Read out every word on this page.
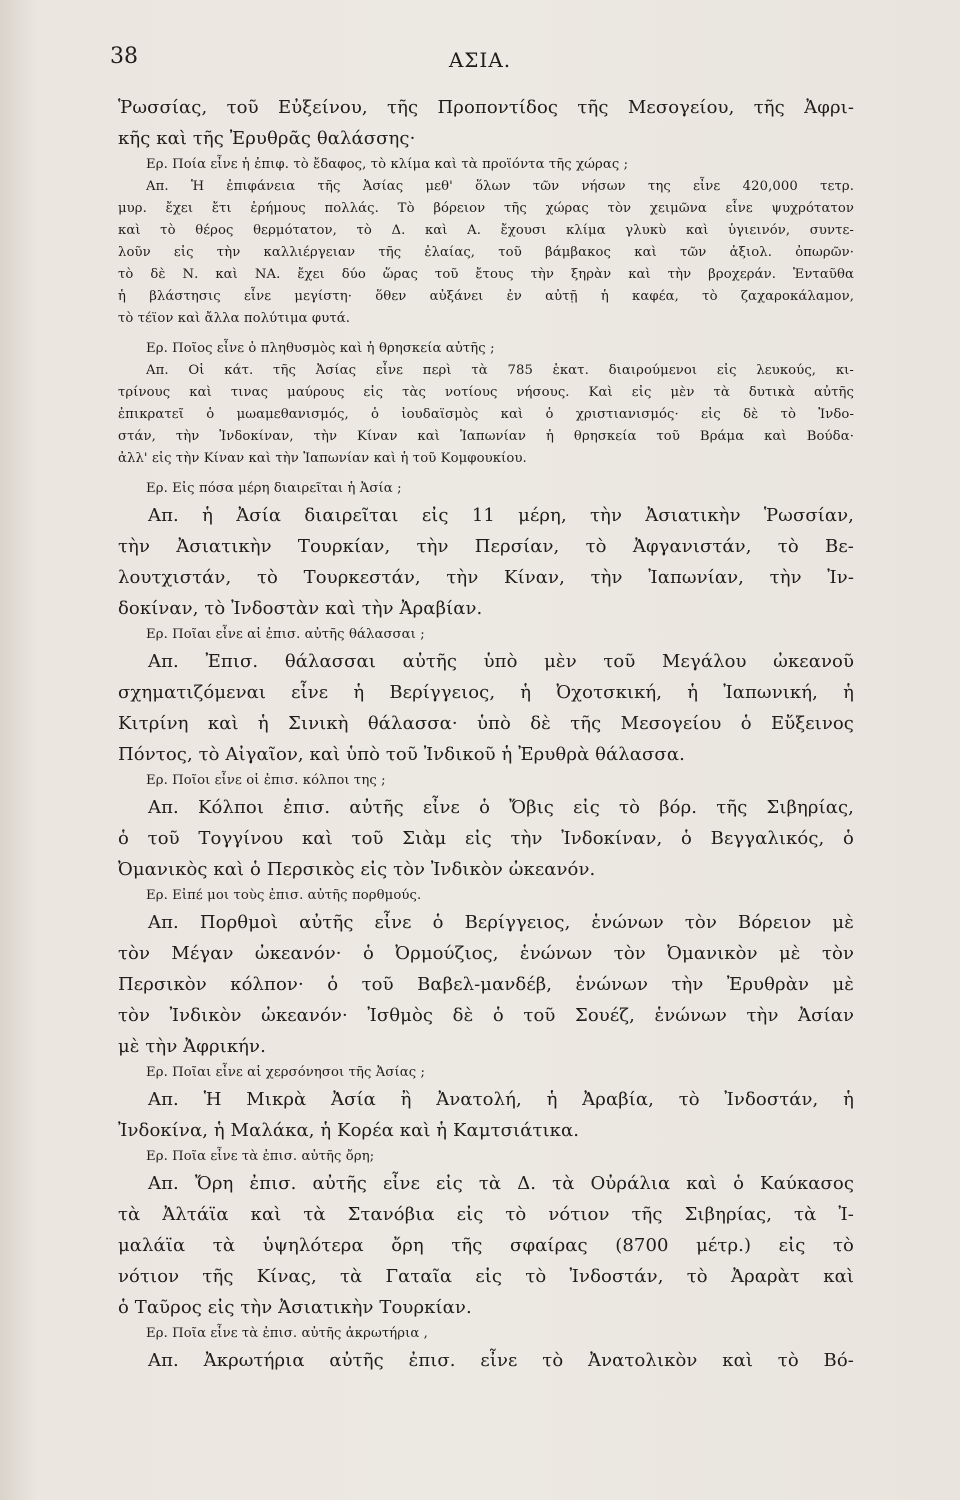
38	ΑΣΙΑ.
Ῥωσσίας, τοῦ Εὐξείνου, τῆς Προποντίδος τῆς Μεσογείου, τῆς Ἀφρι-
κῆς καὶ τῆς Ἐρυθρᾶς θαλάσσης·
Ερ. Ποία εἶνε ἡ ἐπιφ. τὸ ἔδαφος, τὸ κλίμα καὶ τὰ προϊόντα τῆς χώρας ;
Απ. Ἡ ἐπιφάνεια τῆς Ἀσίας μεθ' ὅλων τῶν νήσων της εἶνε 420,000 τετρ.
μυρ. ἔχει ἔτι ἐρήμους πολλάς. Τὸ βόρειον τῆς χώρας τὸν χειμῶνα εἶνε ψυχρότατον
καὶ τὸ θέρος θερμότατον, τὸ Δ. καὶ Α. ἔχουσι κλίμα γλυκὺ καὶ ὑγιεινόν, συντε-
λοῦν εἰς τὴν καλλιέργειαν τῆς ἐλαίας, τοῦ βάμβακος καὶ τῶν ἀξιολ. ὀπωρῶν·
τὸ δὲ Ν. καὶ ΝΑ. ἔχει δύο ὥρας τοῦ ἔτους τὴν ξηρὰν καὶ τὴν βροχεράν. Ἐνταῦθα
ἡ βλάστησις εἶνε μεγίστη· ὅθεν αὐξάνει ἐν αὐτῇ ἡ καφέα, τὸ ζαχαροκάλαμον,
τὸ τέϊον καὶ ἄλλα πολύτιμα φυτά.
Ερ. Ποῖος εἶνε ὁ πληθυσμὸς καὶ ἡ θρησκεία αὐτῆς ;
Απ. Οἱ κάτ. τῆς Ἀσίας εἶνε περὶ τὰ 785 ἑκατ. διαιρούμενοι εἰς λευκούς, κι-
τρίνους καὶ τινας μαύρους εἰς τὰς νοτίους νήσους. Καὶ εἰς μὲν τὰ δυτικὰ αὐτῆς
ἐπικρατεῖ ὁ μωαμεθανισμός, ὁ ἰουδαϊσμὸς καὶ ὁ χριστιανισμός· εἰς δὲ τὸ Ἰνδο-
στάν, τὴν Ἰνδοκίναν, τὴν Κίναν καὶ Ἰαπωνίαν ἡ θρησκεία τοῦ Βράμα καὶ Βούδα·
ἀλλ' εἰς τὴν Κίναν καὶ τὴν Ἰαπωνίαν καὶ ἡ τοῦ Κομφουκίου.
Ερ. Εἰς πόσα μέρη διαιρεῖται ἡ Ἀσία ;
Απ. ἡ Ἀσία διαιρεῖται εἰς 11 μέρη, τὴν Ἀσιατικὴν Ῥωσσίαν,
τὴν Ἀσιατικὴν Τουρκίαν, τὴν Περσίαν, τὸ Ἀφγανιστάν, τὸ Βε-
λουτχιστάν, τὸ Τουρκεστάν, τὴν Κίναν, τὴν Ἰαπωνίαν, τὴν Ἰν-
δοκίναν, τὸ Ἰνδοστὰν καὶ τὴν Ἀραβίαν.
Ερ. Ποῖαι εἶνε αἱ ἐπισ. αὐτῆς θάλασσαι ;
Απ. Ἐπισ. θάλασσαι αὐτῆς ὑπὸ μὲν τοῦ Μεγάλου ὠκεανοῦ
σχηματιζόμεναι εἶνε ἡ Βερίγγειος, ἡ Ὀχοτσκική, ἡ Ἰαπωνική, ἡ
Κιτρίνη καὶ ἡ Σινικὴ θάλασσα· ὑπὸ δὲ τῆς Μεσογείου ὁ Εὔξεινος
Πόντος, τὸ Αἰγαῖον, καὶ ὑπὸ τοῦ Ἰνδικοῦ ἡ Ἐρυθρὰ θάλασσα.
Ερ. Ποῖοι εἶνε οἱ ἐπισ. κόλποι της ;
Απ. Κόλποι ἐπισ. αὐτῆς εἶνε ὁ Ὄβις εἰς τὸ βόρ. τῆς Σιβηρίας,
ὁ τοῦ Τογγίνου καὶ τοῦ Σιὰμ εἰς τὴν Ἰνδοκίναν, ὁ Βεγγαλικός, ὁ
Ὀμανικὸς καὶ ὁ Περσικὸς εἰς τὸν Ἰνδικὸν ὠκεανόν.
Ερ. Εἰπέ μοι τοὺς ἐπισ. αὐτῆς πορθμούς.
Απ. Πορθμοὶ αὐτῆς εἶνε ὁ Βερίγγειος, ἑνώνων τὸν Βόρειον μὲ
τὸν Μέγαν ὠκεανόν· ὁ Ὀρμούζιος, ἑνώνων τὸν Ὀμανικὸν μὲ τὸν
Περσικὸν κόλπον· ὁ τοῦ Βαβελ-μανδέβ, ἑνώνων τὴν Ἐρυθρὰν μὲ
τὸν Ἰνδικὸν ὠκεανόν· Ἰσθμὸς δὲ ὁ τοῦ Σουέζ, ἑνώνων τὴν Ἀσίαν
μὲ τὴν Ἀφρικήν.
Ερ. Ποῖαι εἶνε αἱ χερσόνησοι τῆς Ἀσίας ;
Απ. Ἡ Μικρὰ Ἀσία ἢ Ἀνατολή, ἡ Ἀραβία, τὸ Ἰνδοστάν, ἡ
Ἰνδοκίνα, ἡ Μαλάκα, ἡ Κορέα καὶ ἡ Καμτσιάτικα.
Ερ. Ποῖα εἶνε τὰ ἐπισ. αὐτῆς ὄρη;
Απ. Ὄρη ἐπισ. αὐτῆς εἶνε εἰς τὰ Δ. τὰ Οὐράλια καὶ ὁ Καύκασος
τὰ Ἀλτάϊα καὶ τὰ Στανόβια εἰς τὸ νότιον τῆς Σιβηρίας, τὰ Ἰ-
μαλάϊα τὰ ὑψηλότερα ὄρη τῆς σφαίρας (8700 μέτρ.) εἰς τὸ
νότιον τῆς Κίνας, τὰ Γαταῖα εἰς τὸ Ἰνδοστάν, τὸ Ἀραρὰτ καὶ
ὁ Ταῦρος εἰς τὴν Ἀσιατικὴν Τουρκίαν.
Ερ. Ποῖα εἶνε τὰ ἐπισ. αὐτῆς ἀκρωτήρια ,
Απ. Ἀκρωτήρια αὐτῆς ἐπισ. εἶνε τὸ Ἀνατολικὸν καὶ τὸ Βό-
